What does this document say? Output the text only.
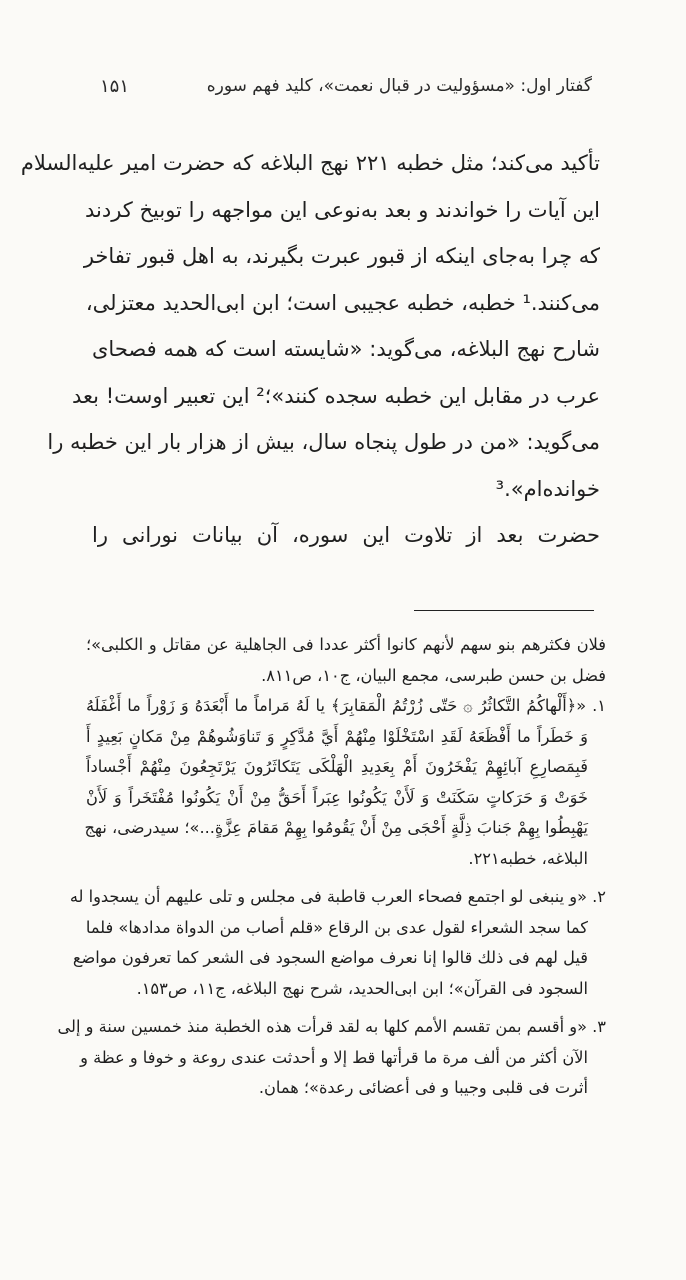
گفتار اول: «مسؤولیت در قبال نعمت»، کلید فهم سوره
۱۵۱
تأکید می‌کند؛ مثل خطبه ۲۲۱ نهج البلاغه که حضرت امیر عليه‌السلام
این آیات را خواندند و بعد به‌نوعی این مواجهه را توبیخ کردند
که چرا به‌جای اینکه از قبور عبرت بگیرند، به اهل قبور تفاخر
می‌کنند.¹ خطبه، خطبه عجیبی است؛ ابن ابی‌الحدید معتزلی،
شارح نهج البلاغه، می‌گوید: «شایسته است که همه فصحای
عرب در مقابل این خطبه سجده کنند»؛² این تعبیر اوست! بعد
می‌گوید: «من در طول پنجاه سال، بیش از هزار بار این خطبه را
خوانده‌ام».³
حضرت بعد از تلاوت این سوره، آن بیانات نورانی را
فلان فكثرهم بنو سهم لأنهم كانوا أكثر عددا فى الجاهلية عن مقاتل و الكلبى»؛
فضل بن حسن طبرسی، مجمع البیان، ج۱۰، ص۸۱۱.
۱. «﴿أَلْهاكُمُ التَّكاثُرُ ۞ حَتّى زُرْتُمُ الْمَقابِرَ﴾ يا لَهُ مَراماً ما أَبْعَدَهُ وَ زَوْراً ما أَغْفَلَهُ
وَ خَطَراً ما أَفْظَعَهُ لَقَدِ اسْتَخْلَوْا مِنْهُمْ أَيَّ مُدَّكِرٍ وَ تَناوَشُوهُمْ مِنْ مَكانٍ بَعِيدٍ أَ
فَبِمَصارِعِ آبائِهِمْ يَفْخَرُونَ أَمْ بِعَدِيدِ الْهَلْكَى يَتَكاثَرُونَ يَرْتَجِعُونَ مِنْهُمْ أَجْساداً
خَوَتْ وَ حَرَكاتٍ سَكَنَتْ وَ لَأَنْ يَكُونُوا عِبَراً أَحَقُّ مِنْ أَنْ يَكُونُوا مُفْتَخَراً وَ لَأَنْ
يَهْبِطُوا بِهِمْ جَنابَ ذِلَّةٍ أَحْجَى مِنْ أَنْ يَقُومُوا بِهِمْ مَقامَ عِزَّةٍ...»؛ سیدرضی، نهج
البلاغه، خطبه۲۲۱.
۲. «و ينبغى لو اجتمع فصحاء العرب قاطبة فى مجلس و تلى عليهم أن يسجدوا له
كما سجد الشعراء لقول عدى بن الرقاع «قلم أصاب من الدواة مدادها» فلما
قيل لهم فى ذلك قالوا إنا نعرف مواضع السجود فى الشعر كما تعرفون مواضع
السجود فى القرآن»؛ ابن ابی‌الحدید، شرح نهج البلاغه، ج۱۱، ص۱۵۳.
۳. «و أقسم بمن تقسم الأمم كلها به لقد قرأت هذه الخطبة منذ خمسين سنة و إلى
الآن أكثر من ألف مرة ما قرأتها قط إلا و أحدثت عندى روعة و خوفا و عظة و
أثرت فى قلبى وجيبا و فى أعضائى رعدة»؛ همان.
